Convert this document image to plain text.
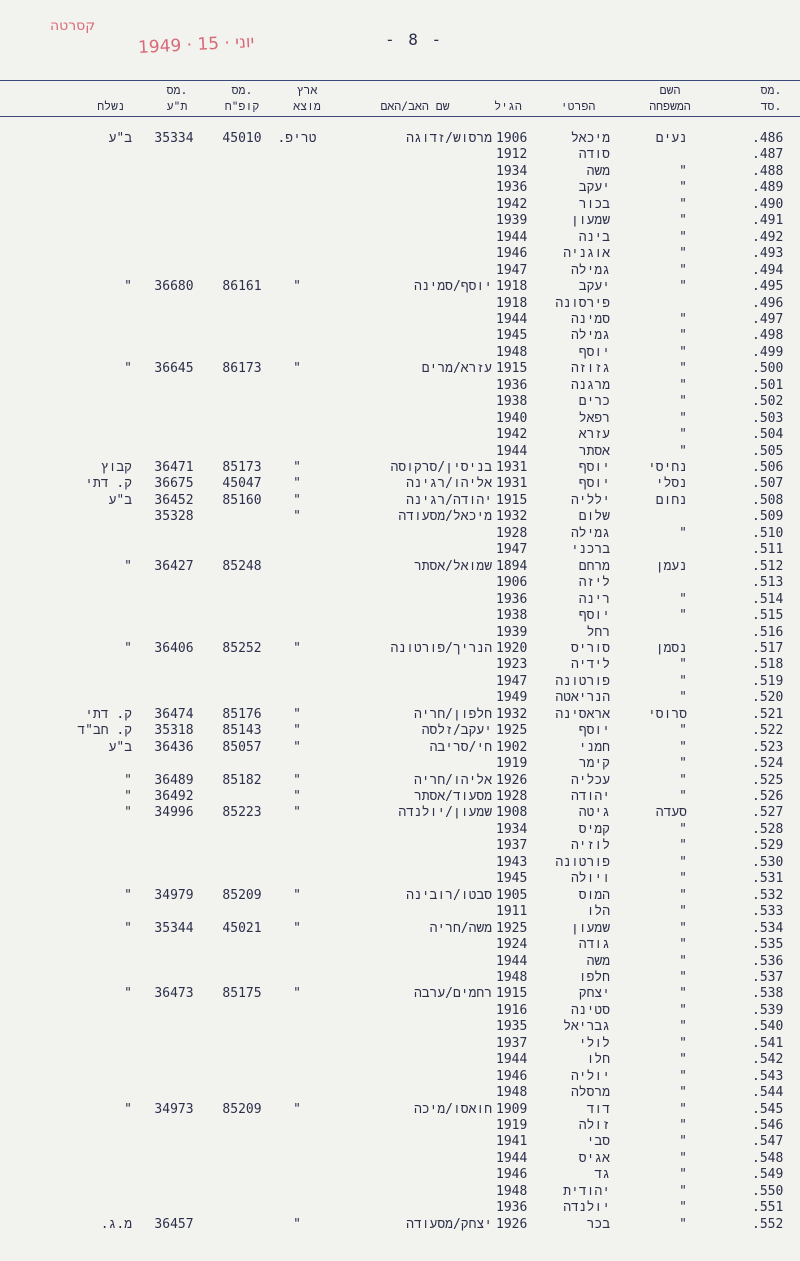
קסרטה
1949 · יוני · 15	- 8 -
מס.
סד.
השם
המשפחה
הפרטי
הגיל
שם האב/האם
ארץ
מוצא
מס.
קופ"ח
מס.
ת"ע
נשלח
.486
נעים
מיכאל
1906
מרסוש/זדוגה
טריפ.
45010
35334
ב"ע
.487
סודה
1912
.488
"
משה
1934
.489
"
יעקב
1936
.490
"
בכור
1942
.491
"
שמעון
1939
.492
"
בינה
1944
.493
"
אוגניה
1946
.494
"
גמילה
1947
.495
"
יעקב
1918
יוסף/סמינה
"
86161
36680
"
.496
פירסונה
1918
.497
"
סמינה
1944
.498
"
גמילה
1945
.499
"
יוסף
1948
.500
"
גזוזה
1915
עזרא/מרים
"
86173
36645
"
.501
"
מרגנה
1936
.502
"
כרים
1938
.503
"
רפאל
1940
.504
"
עזרא
1942
.505
"
אסתר
1944
.506
נחיסי
יוסף
1931
בניסין/סרקוסה
"
85173
36471
קבוץ
.507
נסלי
יוסף
1931
אליהו/רגינה
"
45047
36675
ק. דתי
.508
נחום
ילליה
1915
יהודה/רגינה
"
85160
36452
ב"ע
.509
שלום
1932
מיכאל/מסעודה
"
35328
.510
"
גמילה
1928
.511
ברכני
1947
.512
נעמן
מרחם
1894
שמואל/אסתר
85248
36427
"
.513
ליזה
1906
.514
"
רינה
1936
.515
"
יוסף
1938
.516
רחל
1939
.517
נסמן
סוריס
1920
הנריך/פורטונה
"
85252
36406
"
.518
"
לידיה
1923
.519
"
פורטונה
1947
.520
"
הנריאטה
1949
.521
סרוסי
אראסינה
1932
חלפון/חריה
"
85176
36474
ק. דתי
.522
"
יוסף
1925
יעקב/זלסה
"
85143
35318
ק. חב"ד
.523
"
חמני
1902
חי/סריבה
"
85057
36436
ב"ע
.524
"
קימר
1919
.525
"
עכליה
1926
אליהו/חריה
"
85182
36489
"
.526
"
יהודה
1928
מסעוד/אסתר
"
36492
"
.527
סעדה
גיטה
1908
שמעון/יולנדה
"
85223
34996
"
.528
"
קמיס
1934
.529
"
לוזיה
1937
.530
"
פורטונה
1943
.531
"
ויולה
1945
.532
"
המוס
1905
סבטו/רובינה
"
85209
34979
"
.533
"
הלו
1911
.534
"
שמעון
1925
משה/חריה
"
45021
35344
"
.535
"
גודה
1924
.536
"
משה
1944
.537
"
חלפו
1948
.538
"
יצחק
1915
רחמים/ערבה
"
85175
36473
"
.539
"
סטינה
1916
.540
"
גבריאל
1935
.541
"
לולי
1937
.542
"
חלו
1944
.543
"
יוליה
1946
.544
"
מרסלה
1948
.545
"
דוד
1909
חואסו/מיכה
"
85209
34973
"
.546
"
זולה
1919
.547
"
סבי
1941
.548
"
אגיס
1944
.549
"
גד
1946
.550
"
יהודית
1948
.551
"
יולנדה
1936
.552
"
בכר
1926
יצחק/מסעודה
"
36457
מ.ג.
